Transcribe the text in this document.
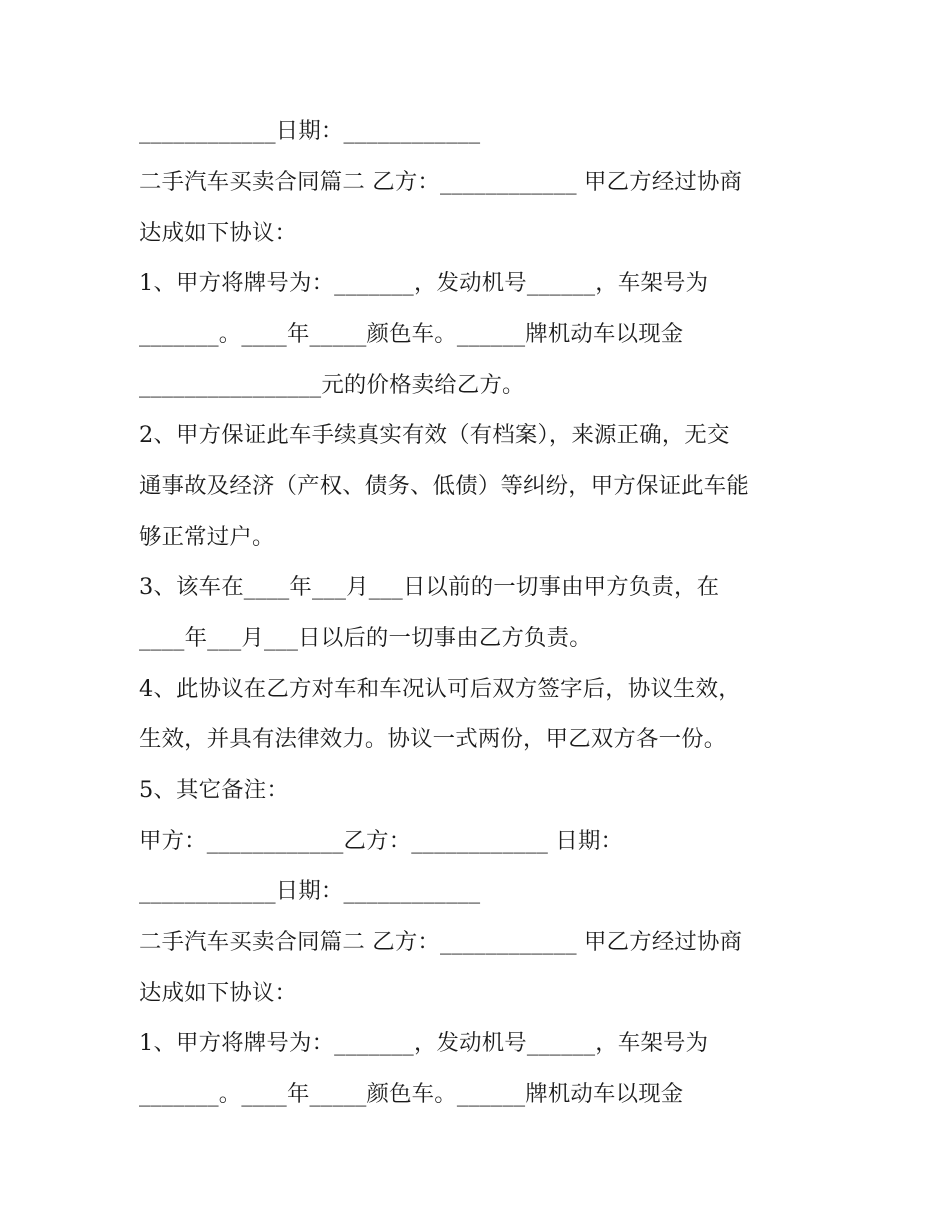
____________日期：____________
二手汽车买卖合同篇二 乙方：____________ 甲乙方经过协商
达成如下协议：
1、甲方将牌号为：_______，发动机号______，车架号为
_______。____年_____颜色车。______牌机动车以现金
________________元的价格卖给乙方。
2、甲方保证此车手续真实有效（有档案），来源正确，无交
通事故及经济（产权、债务、低债）等纠纷，甲方保证此车能
够正常过户。
3、该车在____年___月___日以前的一切事由甲方负责，在
____年___月___日以后的一切事由乙方负责。
4、此协议在乙方对车和车况认可后双方签字后，协议生效，
生效，并具有法律效力。协议一式两份，甲乙双方各一份。
5、其它备注：
甲方：____________乙方：____________ 日期：
____________日期：____________
二手汽车买卖合同篇二 乙方：____________ 甲乙方经过协商
达成如下协议：
1、甲方将牌号为：_______，发动机号______，车架号为
_______。____年_____颜色车。______牌机动车以现金
